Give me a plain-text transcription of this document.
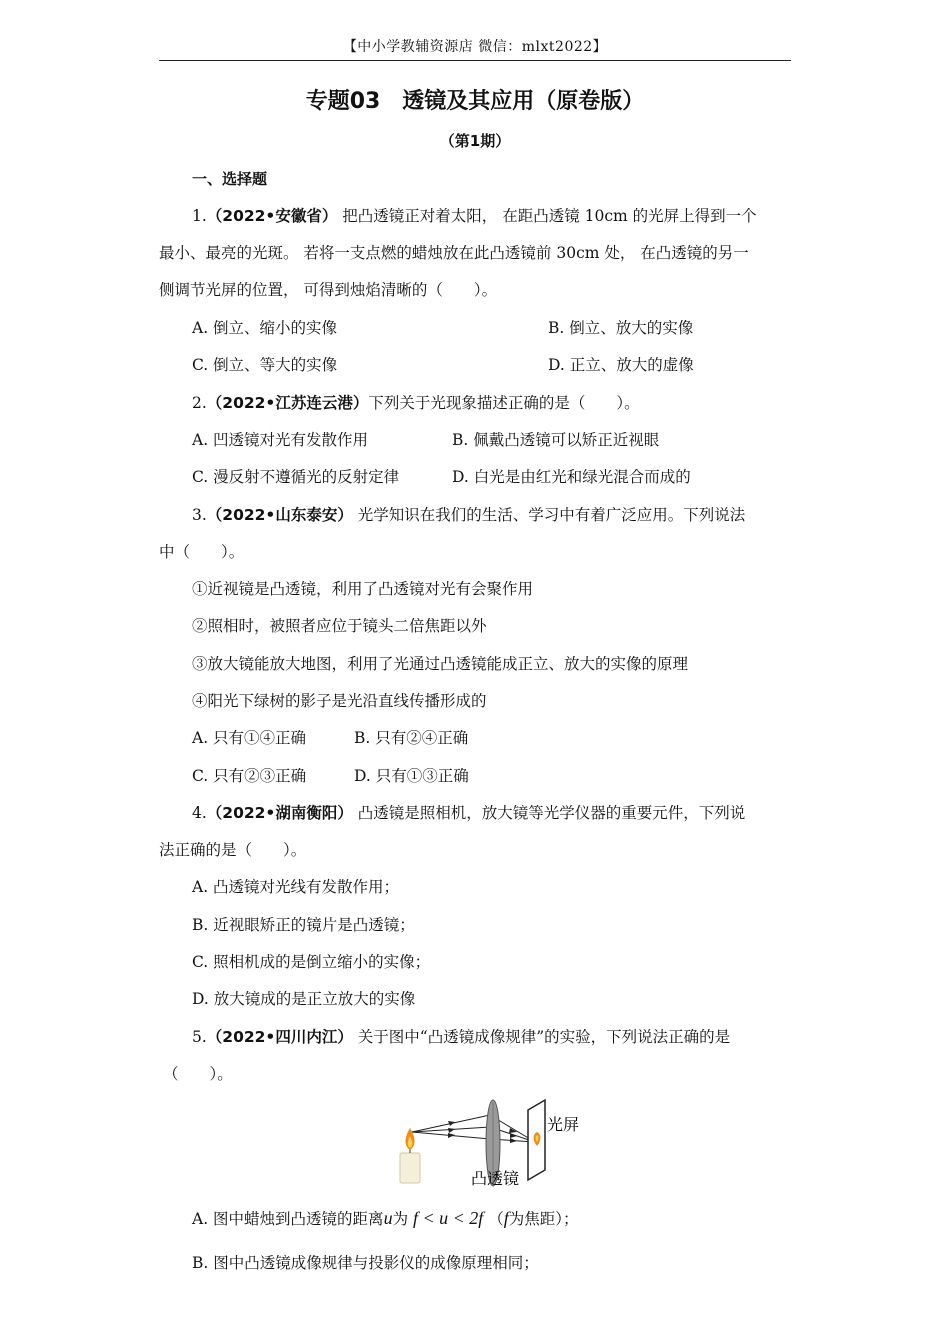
【中小学教辅资源店 微信：mlxt2022】
专题03　透镜及其应用（原卷版）
（第1期）
一、选择题
1.（2022•安徽省） 把凸透镜正对着太阳， 在距凸透镜 10cm 的光屏上得到一个
最小、最亮的光斑。 若将一支点燃的蜡烛放在此凸透镜前 30cm 处， 在凸透镜的另一
侧调节光屏的位置， 可得到烛焰清晰的（　　）。
A. 倒立、缩小的实像	B. 倒立、放大的实像
C. 倒立、等大的实像	D. 正立、放大的虚像
2.（2022•江苏连云港）下列关于光现象描述正确的是（　　）。
A. 凹透镜对光有发散作用	B. 佩戴凸透镜可以矫正近视眼
C. 漫反射不遵循光的反射定律	D. 白光是由红光和绿光混合而成的
3.（2022•山东泰安） 光学知识在我们的生活、学习中有着广泛应用。下列说法
中（　　）。
①近视镜是凸透镜，利用了凸透镜对光有会聚作用
②照相时，被照者应位于镜头二倍焦距以外
③放大镜能放大地图，利用了光通过凸透镜能成正立、放大的实像的原理
④阳光下绿树的影子是光沿直线传播形成的
A. 只有①④正确	B. 只有②④正确
C. 只有②③正确	D. 只有①③正确
4.（2022•湖南衡阳） 凸透镜是照相机，放大镜等光学仪器的重要元件，下列说
法正确的是（　　）。
A. 凸透镜对光线有发散作用；
B. 近视眼矫正的镜片是凸透镜；
C. 照相机成的是倒立缩小的实像；
D. 放大镜成的是正立放大的实像
5.（2022•四川内江） 关于图中“凸透镜成像规律”的实验，下列说法正确的是
（　　）。
光屏
凸透镜
A. 图中蜡烛到凸透镜的距离u为 f < u < 2f （f为焦距）；
B. 图中凸透镜成像规律与投影仪的成像原理相同；
